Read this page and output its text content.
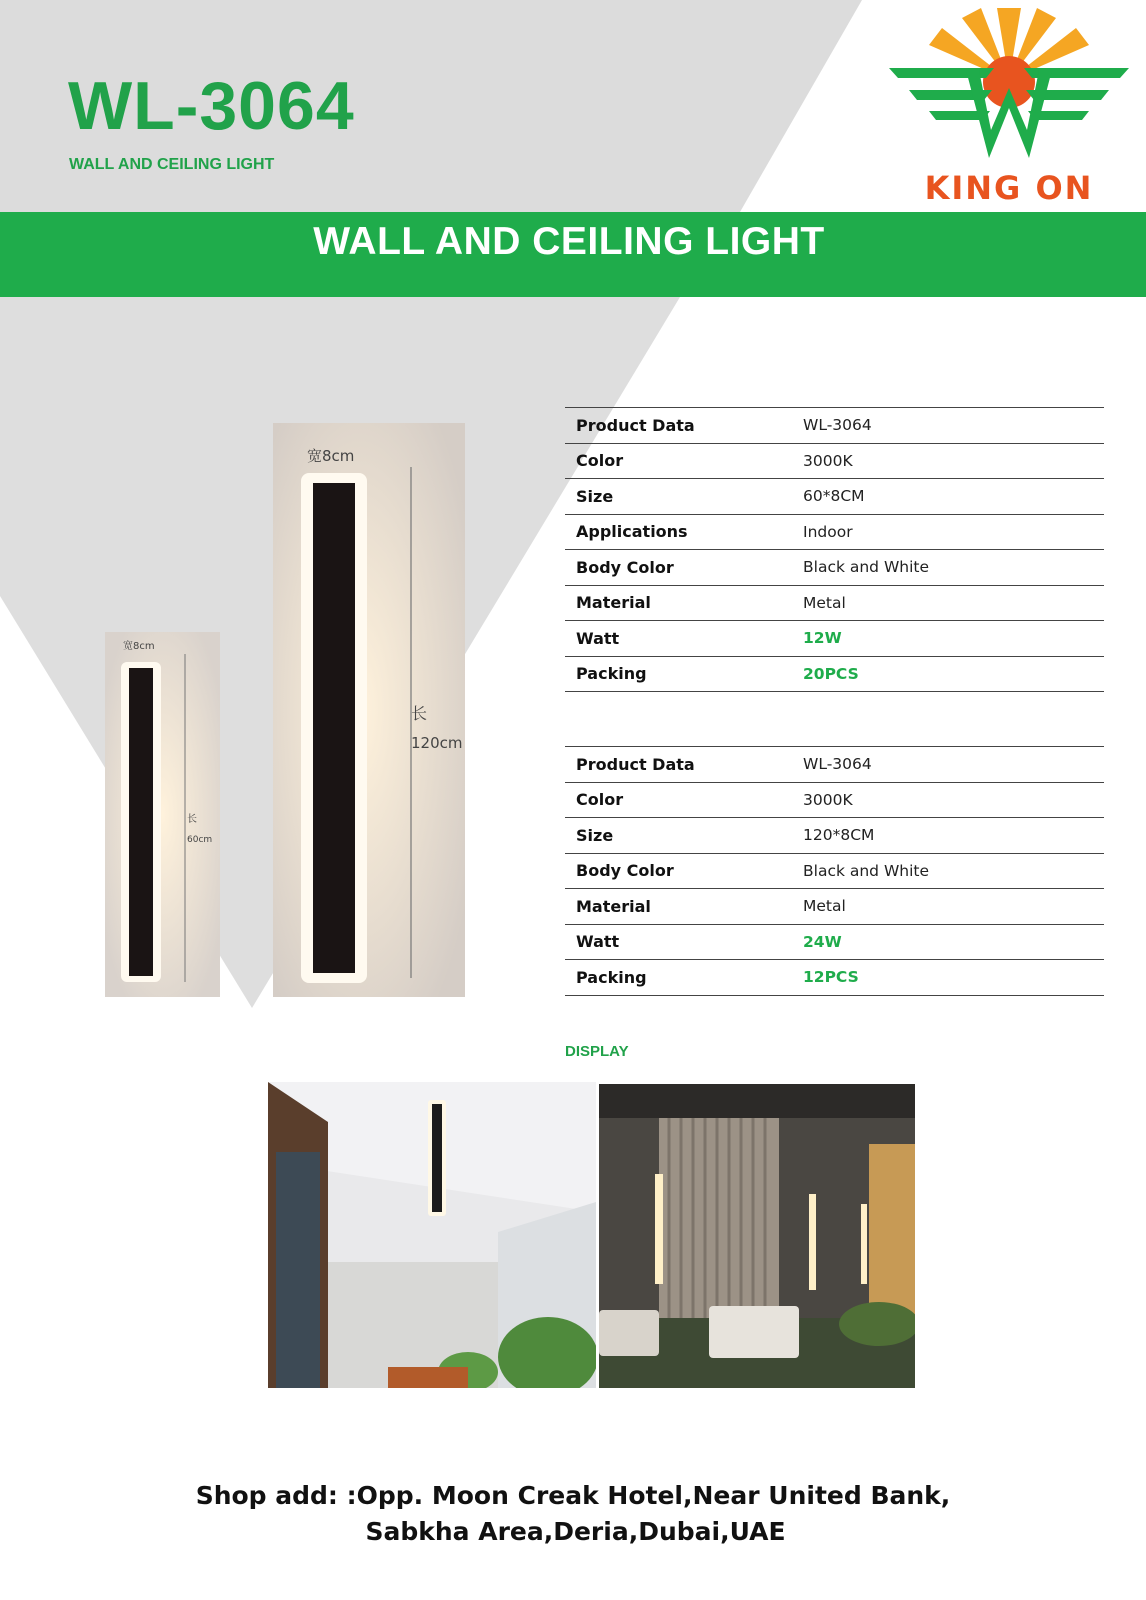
WL-3064
WALL AND CEILING LIGHT
KING ON
WALL AND CEILING LIGHT
宽8cm
长
60cm
宽8cm
长
120cm
Product Data	WL-3064
Color	3000K
Size	60*8CM
Applications	Indoor
Body Color	Black and White
Material	Metal
Watt	12W
Packing	20PCS
Product Data	WL-3064
Color	3000K
Size	120*8CM
Body Color	Black and White
Material	Metal
Watt	24W
Packing	12PCS
DISPLAY
Shop add: :Opp. Moon Creak Hotel,Near United Bank,
Sabkha Area,Deria,Dubai,UAE
